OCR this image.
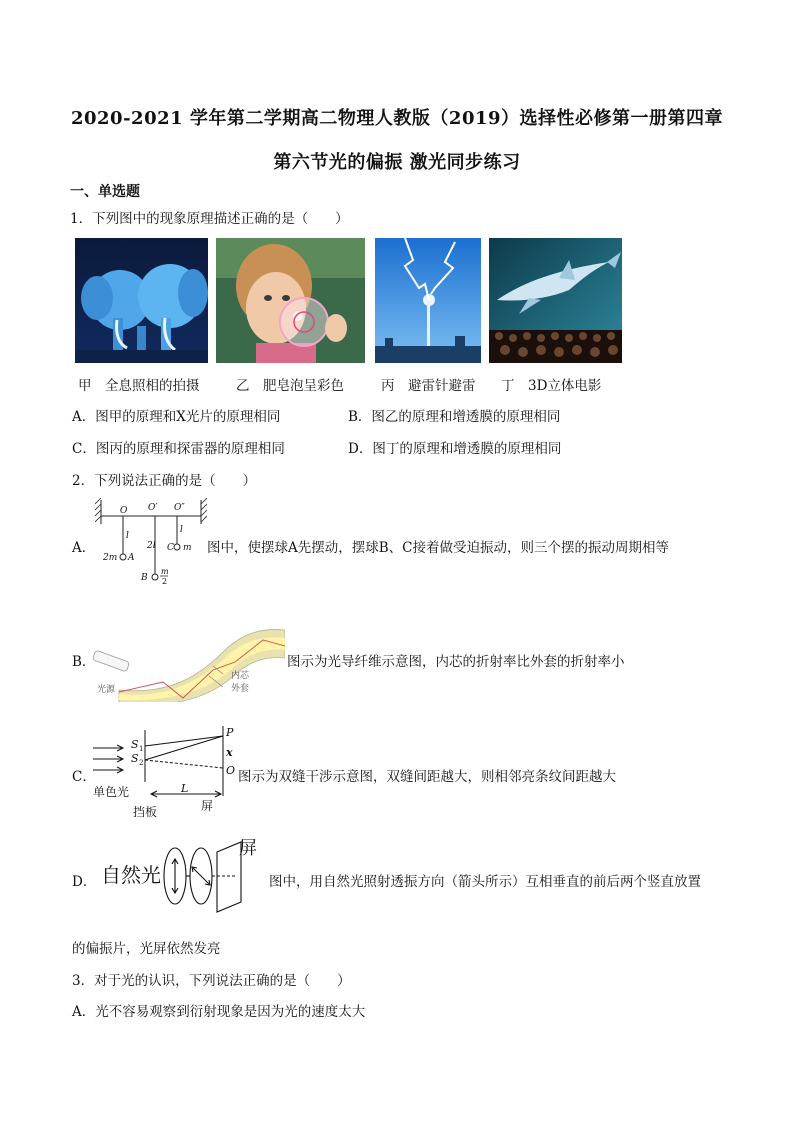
2020-2021 学年第二学期高二物理人教版（2019）选择性必修第一册第四章
第六节光的偏振 激光同步练习
一、单选题
1．下列图中的现象原理描述正确的是（　　）
甲　全息照相的拍摄	乙　肥皂泡呈彩色	丙　避雷针避雷 丁　3D立体电影
A．图甲的原理和X光片的原理相同	B．图乙的原理和增透膜的原理相同
C．图丙的原理和探雷器的原理相同	D．图丁的原理和增透膜的原理相同
2．下列说法正确的是（　　）
A．
O O′ O″
l
2l
l
2m A
C m
B
m
2
图中，使摆球A先摆动，摆球B、C接着做受迫振动，则三个摆的振动周期相等
B．
光源
内芯
外套
图示为光导纤维示意图，内芯的折射率比外套的折射率小
C．
P
x
O
S 1
S 2
L
单色光
挡板	屏
图示为双缝干涉示意图，双缝间距越大，则相邻亮条纹间距越大
D． 自然光
屏
图中，用自然光照射透振方向（箭头所示）互相垂直的前后两个竖直放置
的偏振片，光屏依然发亮
3．对于光的认识，下列说法正确的是（　　）
A．光不容易观察到衍射现象是因为光的速度太大
